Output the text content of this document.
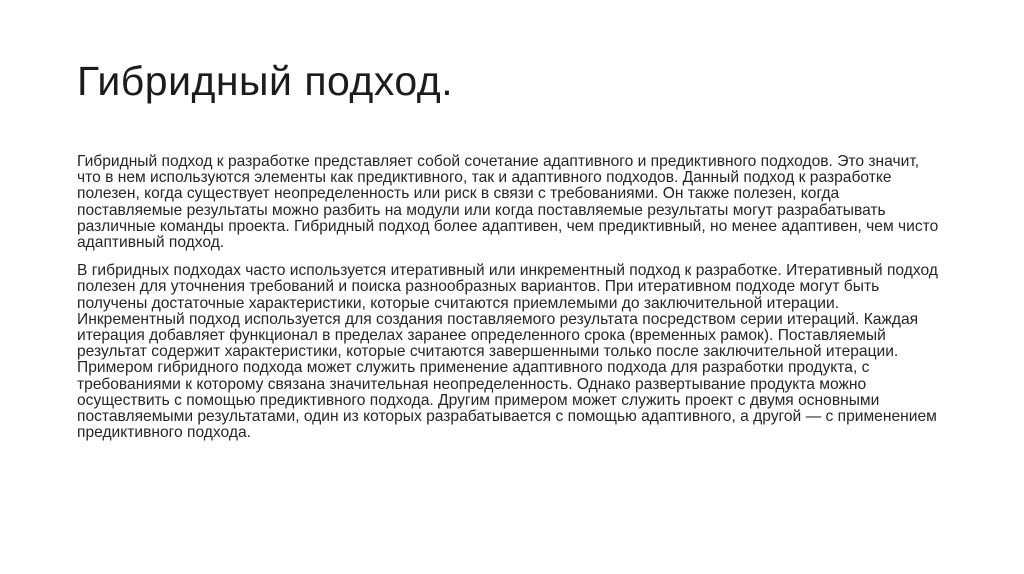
Гибридный подход.

Гибридный подход к разработке представляет собой сочетание адаптивного и предиктивного подходов. Это значит, что в нем используются элементы как предиктивного, так и адаптивного подходов. Данный подход к разработке полезен, когда существует неопределенность или риск в связи с требованиями. Он также полезен, когда поставляемые результаты можно разбить на модули или когда поставляемые результаты могут разрабатывать различные команды проекта. Гибридный подход более адаптивен, чем предиктивный, но менее адаптивен, чем чисто адаптивный подход.

В гибридных подходах часто используется итеративный или инкрементный подход к разработке. Итеративный подход полезен для уточнения требований и поиска разнообразных вариантов. При итеративном подходе могут быть получены достаточные характеристики, которые считаются приемлемыми до заключительной итерации. Инкрементный подход используется для создания поставляемого результата посредством серии итераций. Каждая итерация добавляет функционал в пределах заранее определенного срока (временных рамок). Поставляемый результат содержит характеристики, которые считаются завершенными только после заключительной итерации. Примером гибридного подхода может служить применение адаптивного подхода для разработки продукта, с требованиями к которому связана значительная неопределенность. Однако развертывание продукта можно осуществить с помощью предиктивного подхода. Другим примером может служить проект с двумя основными поставляемыми результатами, один из которых разрабатывается с помощью адаптивного, а другой — с применением предиктивного подхода.
